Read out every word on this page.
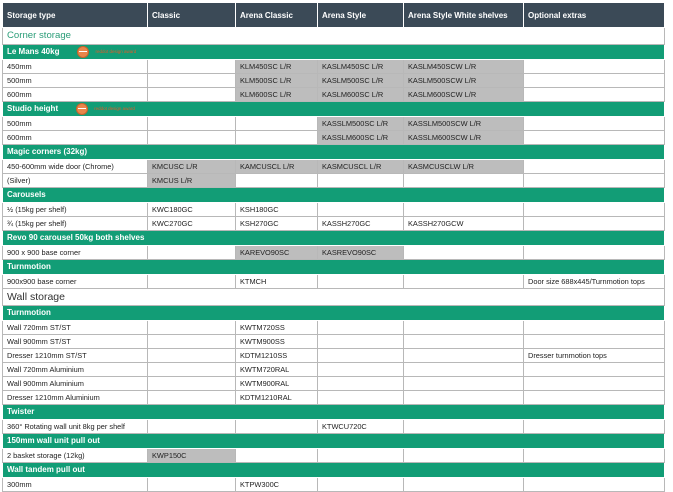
Storage type	Classic	Arena Classic	Arena Style	Arena Style White shelves	Optional extras
Corner storage					
Le Mans 40kg reddot design award					

450mm		KLM450SC L/R	KASLM450SC L/R	KASLM450SCW L/R	
500mm		KLM500SC L/R	KASLM500SC L/R	KASLM500SCW L/R	
600mm		KLM600SC L/R	KASLM600SC L/R	KASLM600SCW L/R	
Studio height reddot design award					

500mm			KASSLM500SC L/R	KASSLM500SCW L/R	
600mm			KASSLM600SC L/R	KASSLM600SCW L/R	
Magic corners (32kg)					
450-600mm wide door (Chrome)	KMCUSC L/R	KAMCUSCL L/R	KASMCUSCL L/R	KASMCUSCLW L/R	
(Silver)	KMCUS L/R				
Carousels					
½ (15kg per shelf)	KWC180GC	KSH180GC			
¾ (15kg per shelf)	KWC270GC	KSH270GC	KASSH270GC	KASSH270GCW	
Revo 90 carousel 50kg both shelves					
900 x 900 base corner		KAREVO90SC	KASREVO90SC		
Turnmotion					
900x900 base corner		KTMCH			Door size 688x445/Turnmotion tops
Wall storage					
Turnmotion					
Wall 720mm ST/ST		KWTM720SS			
Wall 900mm ST/ST		KWTM900SS			
Dresser 1210mm ST/ST		KDTM1210SS			Dresser turnmotion tops
Wall 720mm Aluminium		KWTM720RAL			
Wall 900mm Aluminium		KWTM900RAL			
Dresser 1210mm Aluminium		KDTM1210RAL			
Twister					
360° Rotating wall unit 8kg per shelf			KTWCU720C		
150mm wall unit pull out					
2 basket storage (12kg)	KWP150C				
Wall tandem pull out					
300mm		KTPW300C			
